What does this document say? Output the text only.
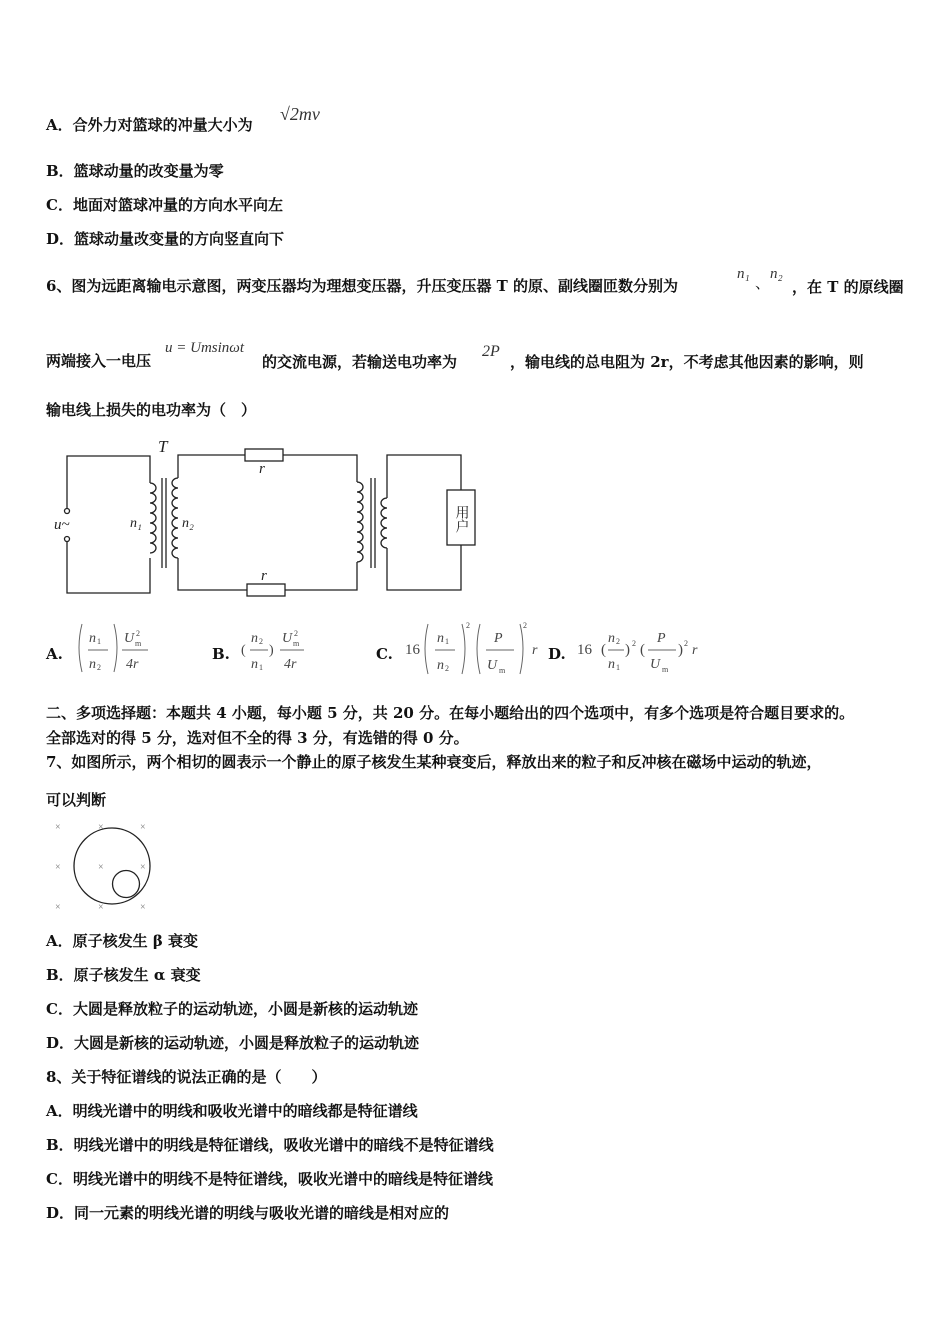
A．合外力对篮球的冲量大小为
√2mv
B．篮球动量的改变量为零
C．地面对篮球冲量的方向水平向左
D．篮球动量改变量的方向竖直向下
6、图为远距离输电示意图，两变压器均为理想变压器，升压变压器 T 的原、副线圈匝数分别为
n₁ 、 n₂
，在 T 的原线圈
两端接入一电压
u = Umsinωt
的交流电源，若输送电功率为
2P
，输电线的总电阻为 2r，不考虑其他因素的影响，则
输电线上损失的电功率为（　）
T
r
r
u~	n₁	n₂	用户
A.
n
n
U
4r
1
2
2
m
B. ( )
n
n
U
4r
2
1
2
m
C. 16
n
n
P
U
r
1
2
2	2
m
D. 16 ( ) ( )
n
n
P
U
r
2
1
2	2
m
二、多项选择题：本题共 4 小题，每小题 5 分，共 20 分。在每小题给出的四个选项中，有多个选项是符合题目要求的。
全部选对的得 5 分，选对但不全的得 3 分，有选错的得 0 分。
7、如图所示，两个相切的圆表示一个静止的原子核发生某种衰变后，释放出来的粒子和反冲核在磁场中运动的轨迹，
可以判断
×	×	×
×	×	×
×	×	×
A．原子核发生 β 衰变
B．原子核发生 α 衰变
C．大圆是释放粒子的运动轨迹，小圆是新核的运动轨迹
D．大圆是新核的运动轨迹，小圆是释放粒子的运动轨迹
8、关于特征谱线的说法正确的是（　　）
A．明线光谱中的明线和吸收光谱中的暗线都是特征谱线
B．明线光谱中的明线是特征谱线，吸收光谱中的暗线不是特征谱线
C．明线光谱中的明线不是特征谱线，吸收光谱中的暗线是特征谱线
D．同一元素的明线光谱的明线与吸收光谱的暗线是相对应的
